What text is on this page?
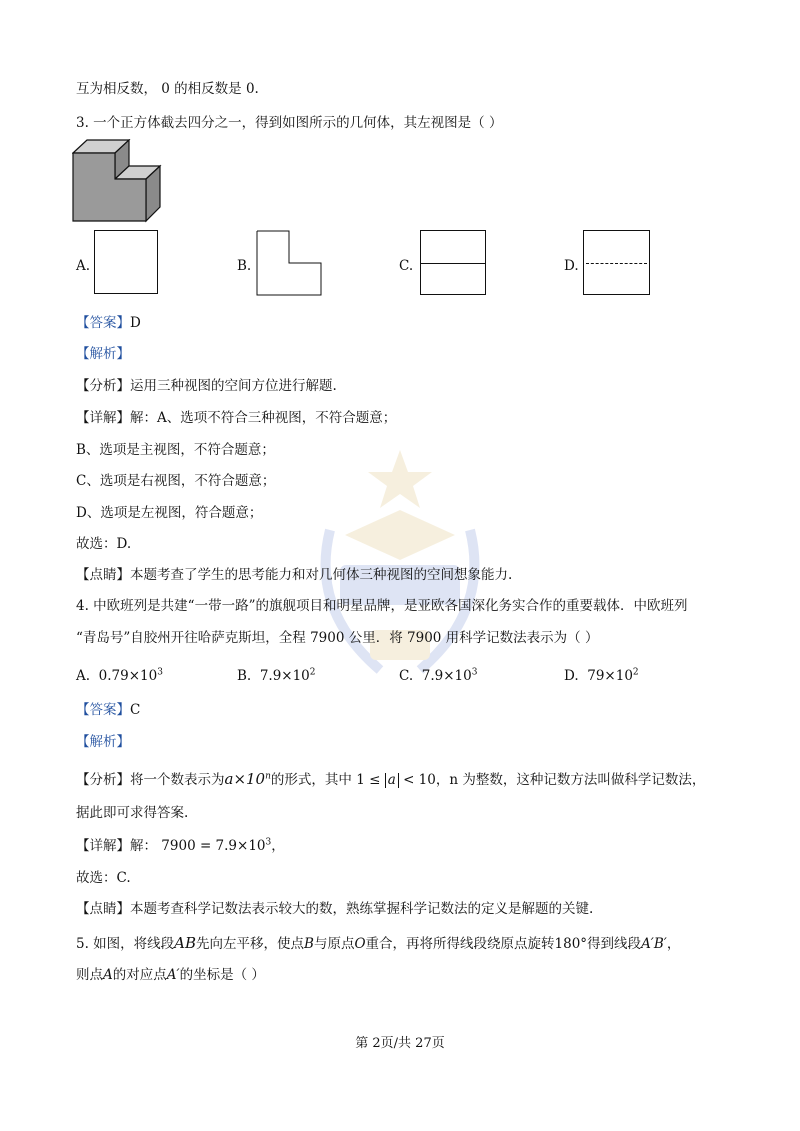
互为相反数， 0 的相反数是 0.
3. 一个正方体截去四分之一，得到如图所示的几何体，其左视图是（ ）
A.	B.	C.	D.
【答案】D
【解析】
【分析】运用三种视图的空间方位进行解题.
【详解】解：A、选项不符合三种视图，不符合题意；
B、选项是主视图，不符合题意；
C、选项是右视图，不符合题意；
D、选项是左视图，符合题意；
故选：D.
【点睛】本题考查了学生的思考能力和对几何体三种视图的空间想象能力.
4. 中欧班列是共建“一带一路”的旗舰项目和明星品牌，是亚欧各国深化务实合作的重要载体．中欧班列
“青岛号”自胶州开往哈萨克斯坦，全程 7900 公里．将 7900 用科学记数法表示为（ ）
A. $0.79\times 10^3$	B. $7.9\times 10^2$	C. $7.9\times 10^3$	D. $79\times 10^2$
【答案】C
【解析】
【分析】将一个数表示为$a\times 10^n$的形式，其中 1 ≤ a < 10，n 为整数，这种记数方法叫做科学记数法，
据此即可求得答案.
【详解】解： $7900 = 7.9\times 10^3$，
故选：C.
【点睛】本题考查科学记数法表示较大的数，熟练掌握科学记数法的定义是解题的关键.
5. 如图，将线段AB先向左平移，使点B与原点O重合，再将所得线段绕原点旋转180°得到线段A′B′，
则点A的对应点A′的坐标是（ ）
第 2页/共 27页
